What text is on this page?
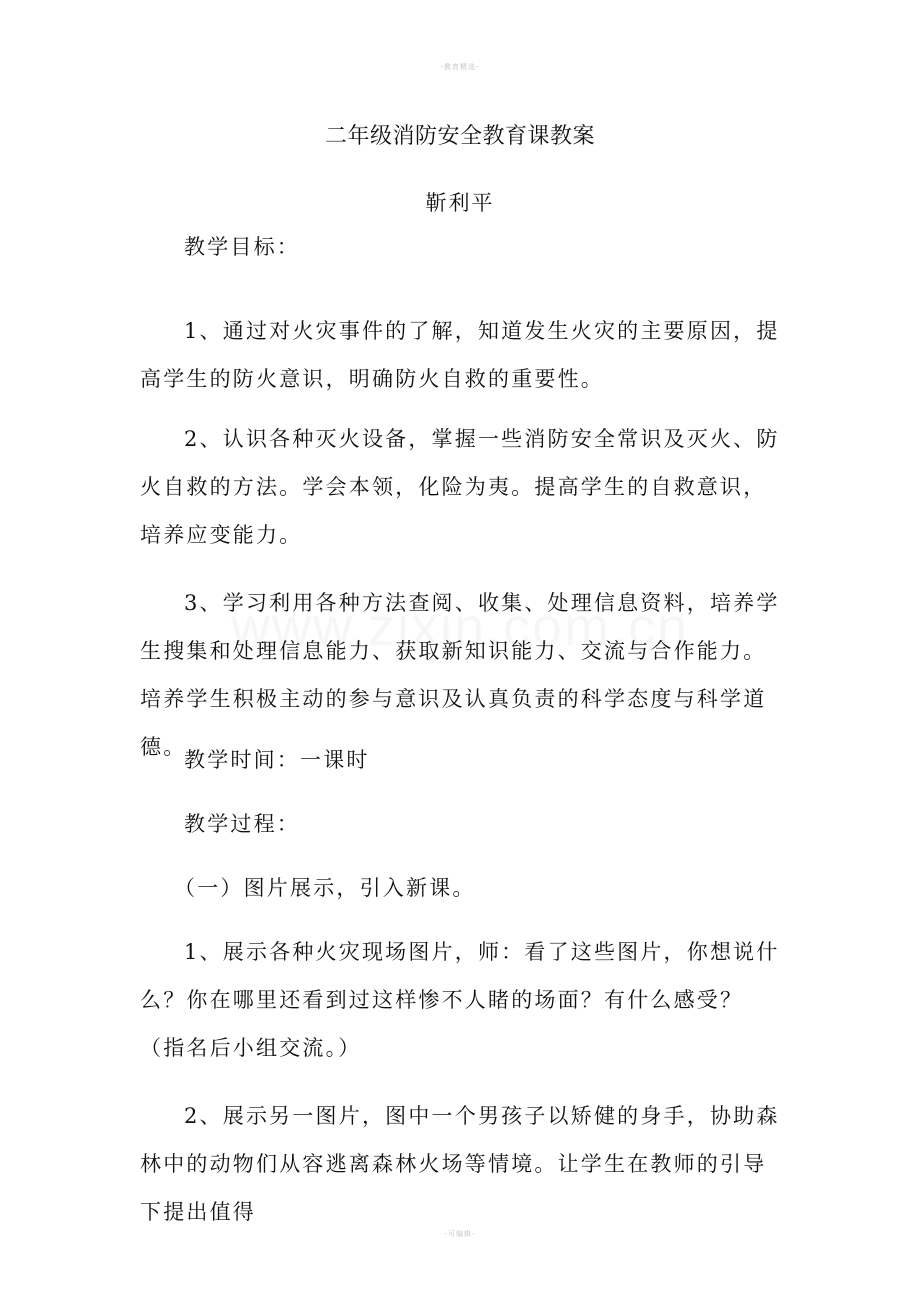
-教育精选-
二年级消防安全教育课教案
靳利平

教学目标：

1、通过对火灾事件的了解，知道发生火灾的主要原因，提高学生的防火意识，明确防火自救的重要性。

2、认识各种灭火设备，掌握一些消防安全常识及灭火、防火自救的方法。学会本领，化险为夷。提高学生的自救意识，培养应变能力。

3、学习利用各种方法查阅、收集、处理信息资料，培养学生搜集和处理信息能力、获取新知识能力、交流与合作能力。培养学生积极主动的参与意识及认真负责的科学态度与科学道德。

教学时间：一课时

教学过程：

（一）图片展示，引入新课。

1、展示各种火灾现场图片，师：看了这些图片，你想说什么？你在哪里还看到过这样惨不人睹的场面？有什么感受？（指名后小组交流。）

2、展示另一图片，图中一个男孩子以矫健的身手，协助森林中的动物们从容逃离森林火场等情境。让学生在教师的引导下提出值得

-可编辑-
